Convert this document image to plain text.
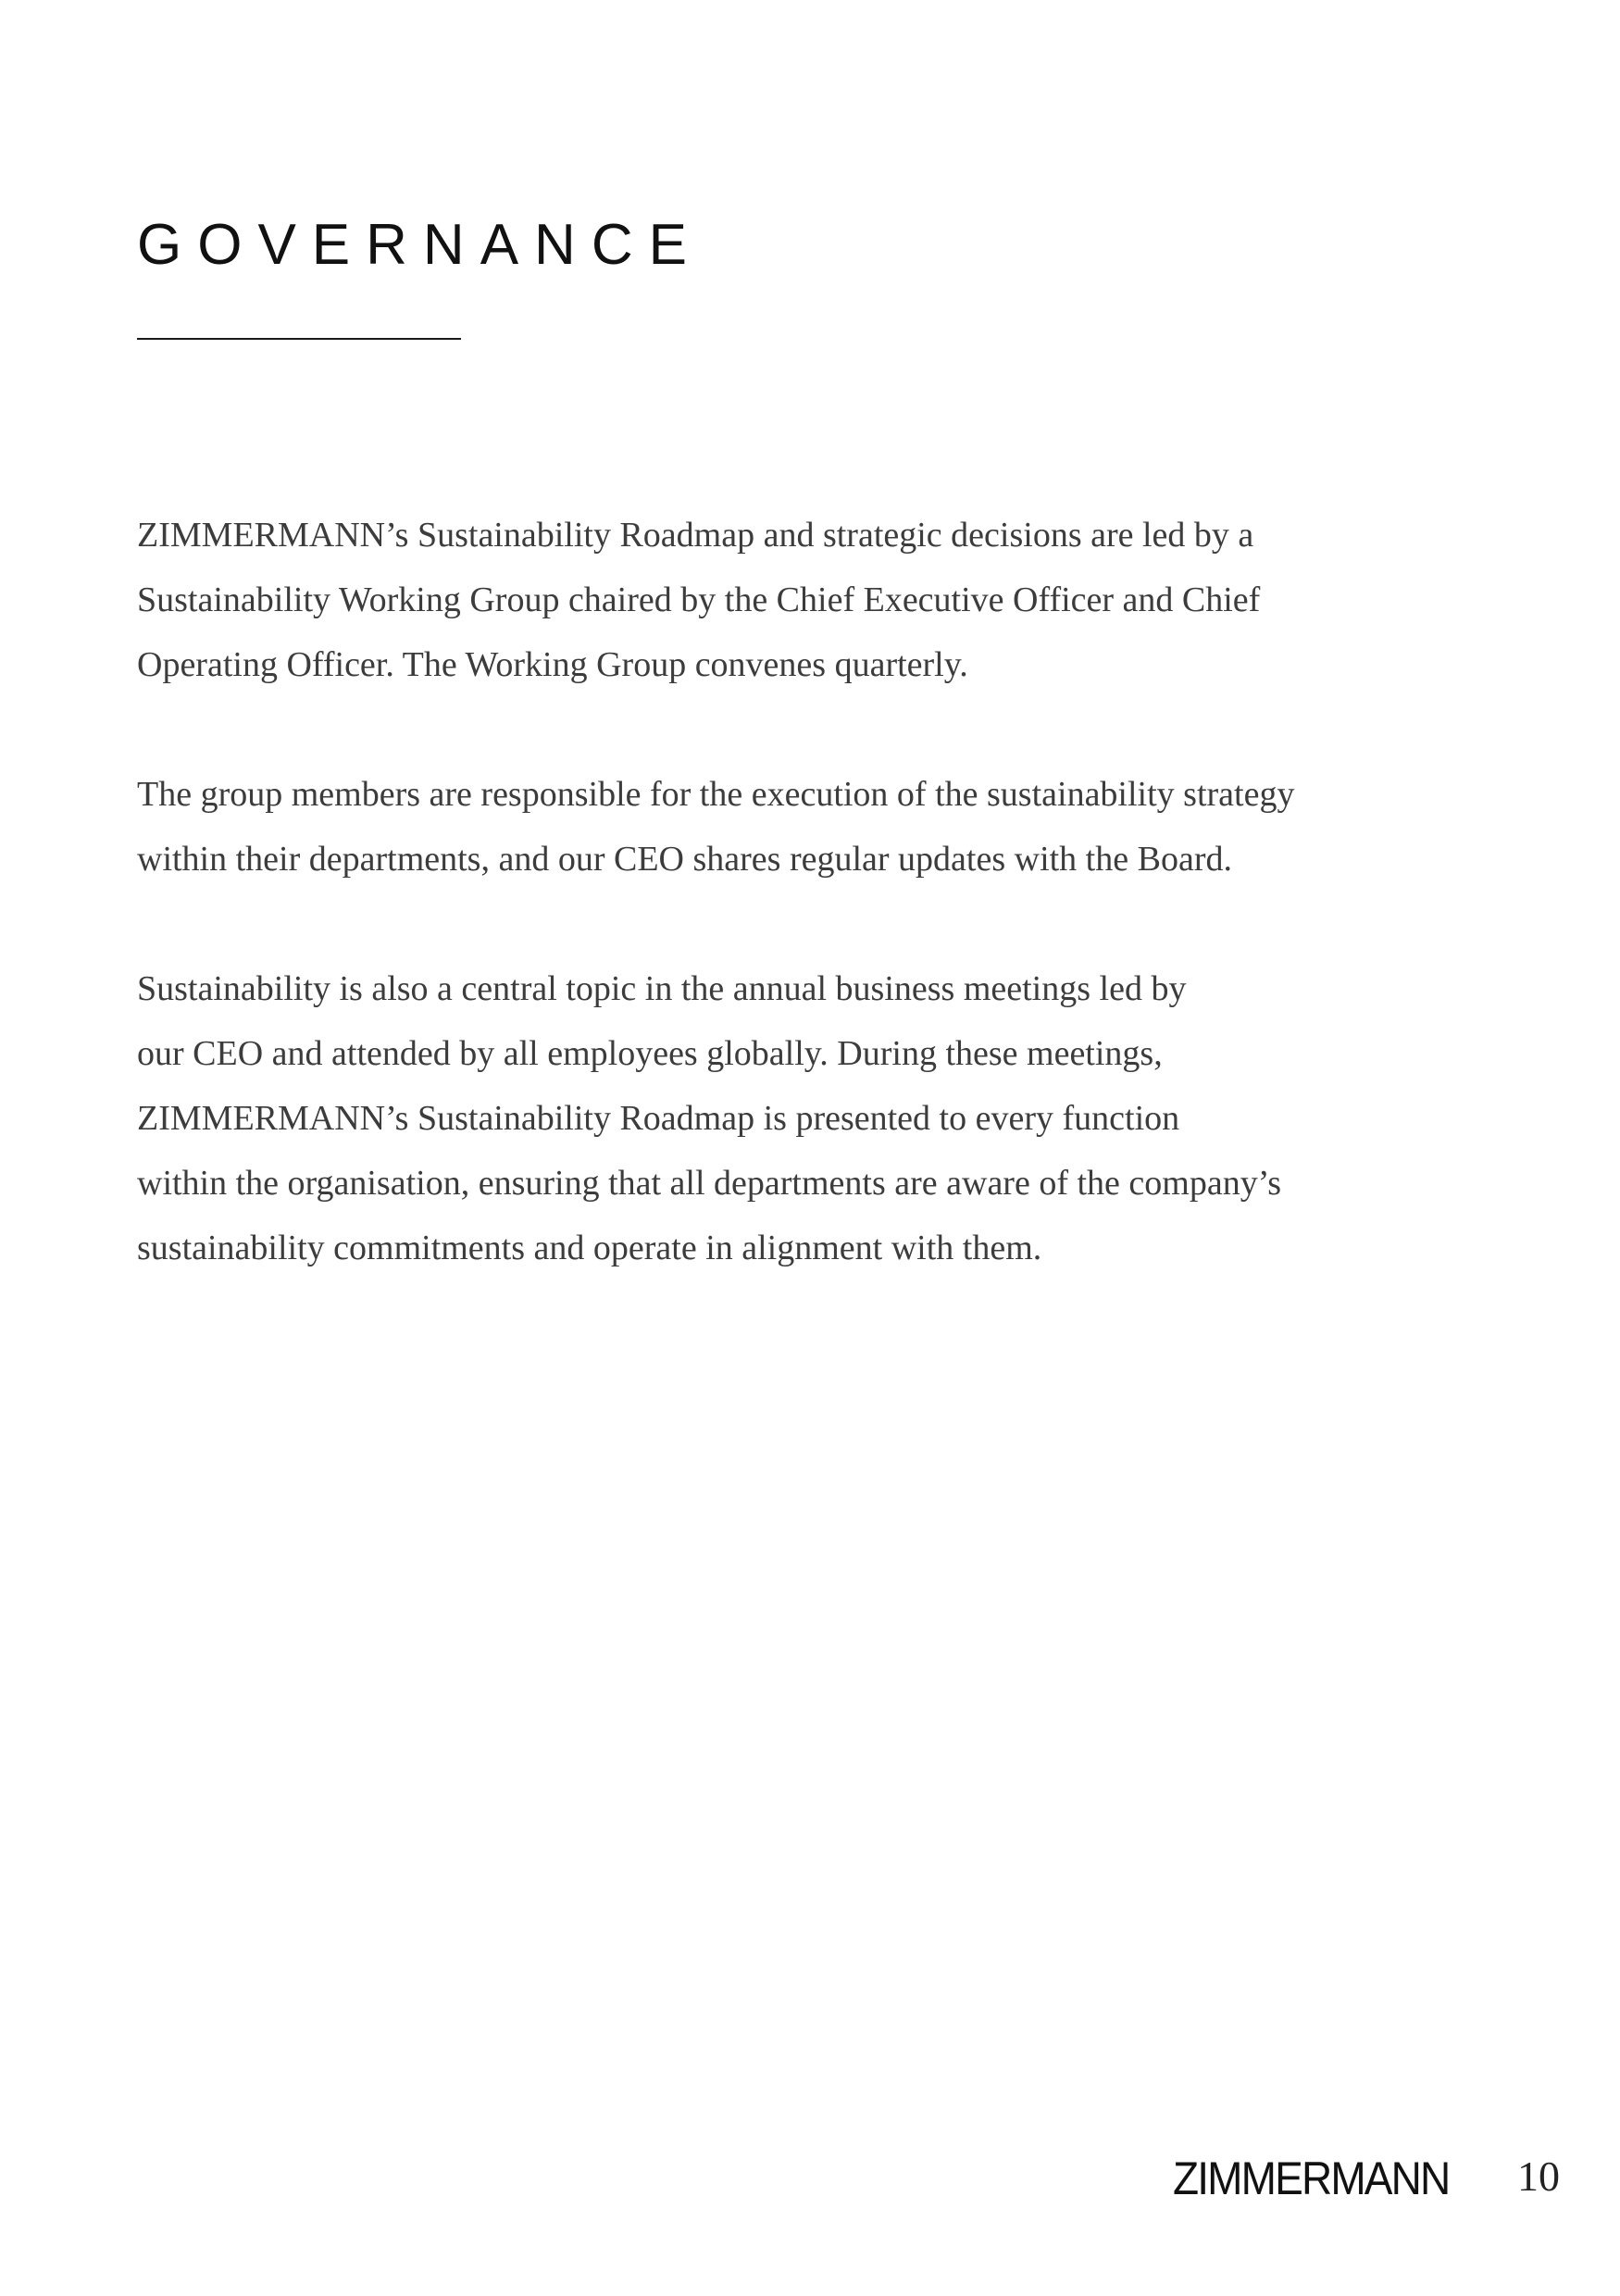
GOVERNANCE

ZIMMERMANN’s Sustainability Roadmap and strategic decisions are led by a
Sustainability Working Group chaired by the Chief Executive Officer and Chief
Operating Officer. The Working Group convenes quarterly.

The group members are responsible for the execution of the sustainability strategy
within their departments, and our CEO shares regular updates with the Board.

Sustainability is also a central topic in the annual business meetings led by
our CEO and attended by all employees globally. During these meetings,
ZIMMERMANN’s Sustainability Roadmap is presented to every function
within the organisation, ensuring that all departments are aware of the company’s
sustainability commitments and operate in alignment with them.

ZIMMERMANN 10
